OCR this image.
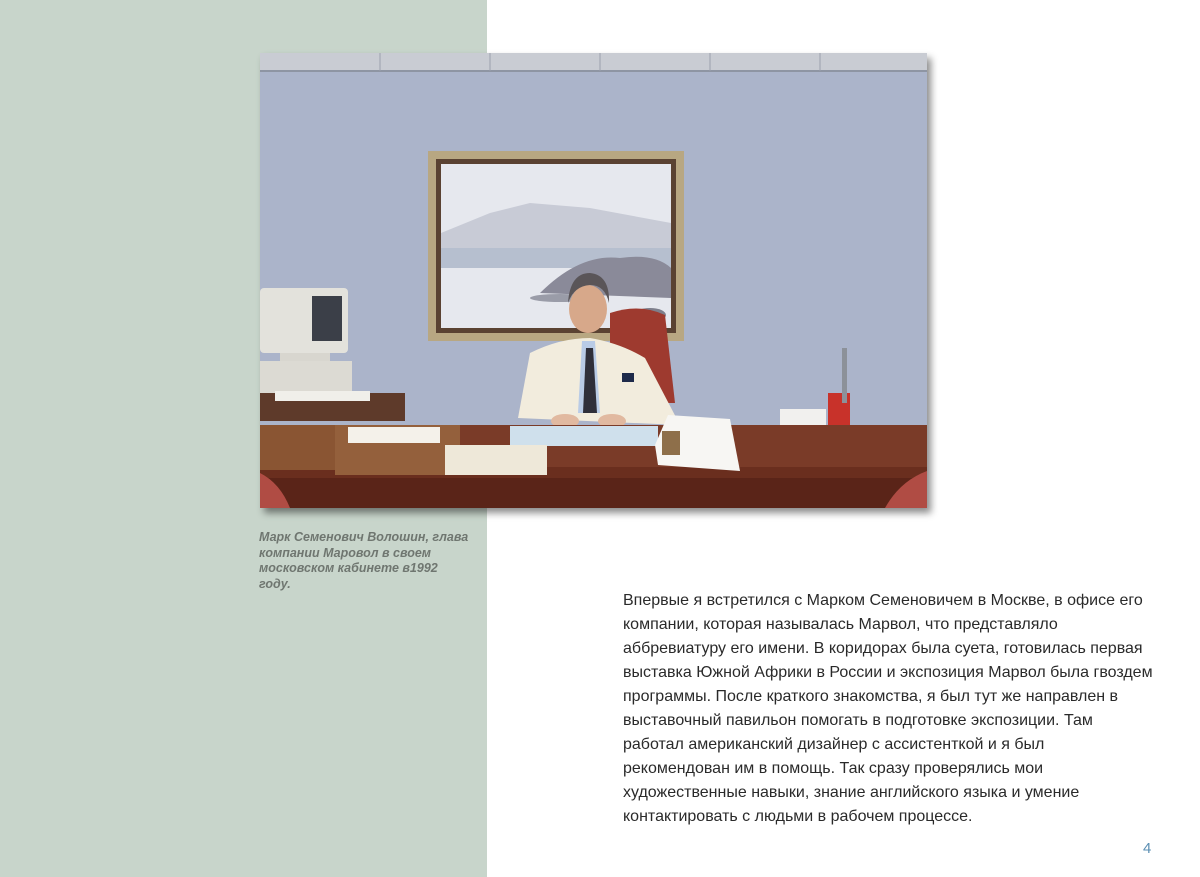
Марк Семенович Волошин, глава компании Маровол в своем московском кабинете в1992 году.
Впервые я встретился с Марком Семеновичем в Москве, в офисе его компании, которая называлась Марвол, что представляло аббревиатуру его имени. В коридорах была суета, готовилась первая выставка Южной Африки в России и экспозиция Марвол была гвоздем программы. После краткого знакомства, я был тут же направлен в выставочный павильон помогать в подготовке экспозиции. Там работал американский дизайнер с ассистенткой и я был рекомендован им в помощь. Так сразу проверялись мои художественные навыки, знание английского языка и умение контактировать с людьми в рабочем процессе.
4
